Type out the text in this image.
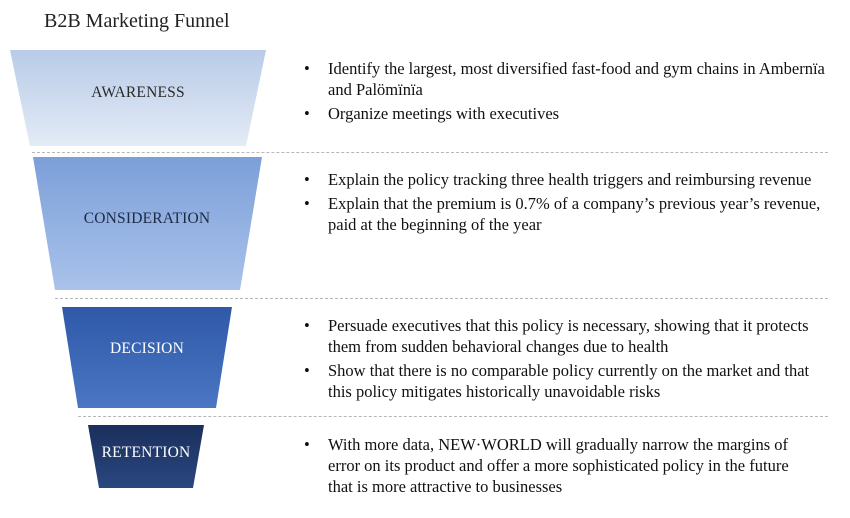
B2B Marketing Funnel
AWARENESS
CONSIDERATION
DECISION
RETENTION
• Identify the largest, most diversified fast-food and gym chains in Ambernïa and Palömïnïa
• Organize meetings with executives
• Explain the policy tracking three health triggers and reimbursing revenue
• Explain that the premium is 0.7% of a company’s previous year’s revenue, paid at the beginning of the year
• Persuade executives that this policy is necessary, showing that it protects them from sudden behavioral changes due to health
• Show that there is no comparable policy currently on the market and that this policy mitigates historically unavoidable risks
• With more data, NEW·WORLD will gradually narrow the margins of error on its product and offer a more sophisticated policy in the future that is more attractive to businesses
